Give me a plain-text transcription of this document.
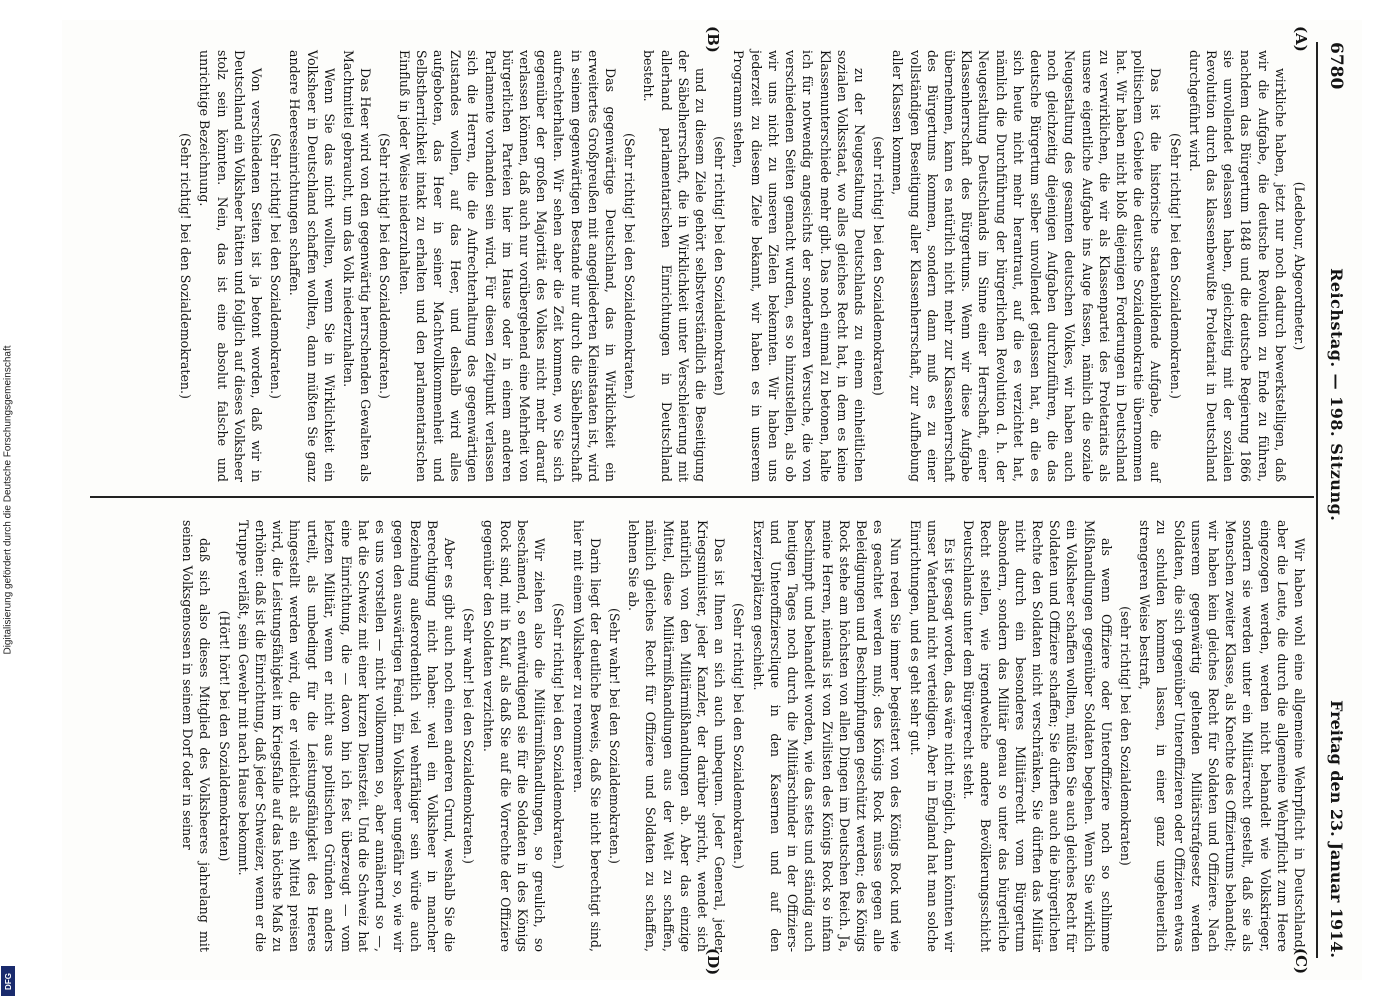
6780
Reichstag. — 198. Sitzung.
Freitag den 23. Januar 1914.
(A)
(B)
(C)
(D)

(Ledebour, Abgeordneter.)

wirkliche haben, jetzt nur noch dadurch bewerkstelligen, daß wir die Aufgabe, die deutsche Revolution zu Ende zu führen, nachdem das Bürgertum 1848 und die deutsche Regierung 1866 sie unvollendet gelassen haben, gleichzeitig mit der sozialen Revolution durch das klassenbewußte Proletariat in Deutschland durchgeführt wird.

(Sehr richtig! bei den Sozialdemokraten.)

Das ist die historische staatenbildende Aufgabe, die auf politischem Gebiete die deutsche Sozialdemokratie übernommen hat. Wir haben nicht bloß diejenigen Forderungen in Deutschland zu verwirklichen, die wir als Klassenpartei des Proletariats als unsere eigentliche Aufgabe ins Auge fassen, nämlich die soziale Neugestaltung des gesamten deutschen Volkes, wir haben auch noch gleichzeitig diejenigen Aufgaben durchzuführen, die das deutsche Bürgertum selber unvollendet gelassen hat, an die es sich heute nicht mehr herantraut, auf die es verzichtet hat, nämlich die Durchführung der bürgerlichen Revolution d. h. der Neugestaltung Deutschlands im Sinne einer Herrschaft, einer Klassenherrschaft des Bürgertums. Wenn wir diese Aufgabe übernehmen, kann es natürlich nicht mehr zur Klassenherrschaft des Bürgertums kommen, sondern dann muß es zu einer vollständigen Beseitigung aller Klassenherrschaft, zur Aufhebung aller Klassen kommen,

(sehr richtig! bei den Sozialdemokraten)

zu der Neugestaltung Deutschlands zu einem einheitlichen sozialen Volksstaat, wo alles gleiches Recht hat, in dem es keine Klassenunterschiede mehr gibt. Das noch einmal zu betonen, halte ich für notwendig angesichts der sonderbaren Versuche, die von verschiedenen Seiten gemacht wurden, es so hinzustellen, als ob wir uns nicht zu unseren Zielen bekennten. Wir haben uns jederzeit zu diesem Ziele bekannt, wir haben es in unserem Programm stehen,

(sehr richtig! bei den Sozialdemokraten)

und zu diesem Ziele gehört selbstverständlich die Beseitigung der Säbelherrschaft, die in Wirklichkeit unter Verschleierung mit allerhand parlamentarischen Einrichtungen in Deutschland besteht.

(Sehr richtig! bei den Sozialdemokraten.)

Das gegenwärtige Deutschland, das in Wirklichkeit ein erweitertes Großpreußen mit angegliederten Kleinstaaten ist, wird in seinem gegenwärtigen Bestande nur durch die Säbelherrschaft aufrechterhalten. Wir sehen aber die Zeit kommen, wo Sie sich gegenüber der großen Majorität des Volkes nicht mehr darauf verlassen können, daß auch nur vorübergehend eine Mehrheit von bürgerlichen Parteien hier im Hause oder in einem anderen Parlamente vorhanden sein wird. Für diesen Zeitpunkt verlassen sich die Herren, die die Aufrechterhaltung des gegenwärtigen Zustandes wollen, auf das Heer, und deshalb wird alles aufgeboten, das Heer in seiner Machtvollkommenheit und Selbstherrlichkeit intakt zu erhalten und den parlamentarischen Einfluß in jeder Weise niederzuhalten.

(Sehr richtig! bei den Sozialdemokraten.)

Das Heer wird von den gegenwärtig herrschenden Gewalten als Machtmittel gebraucht, um das Volk niederzuhalten.

Wenn Sie das nicht wollten, wenn Sie in Wirklichkeit ein Volksheer in Deutschland schaffen wollten, dann müßten Sie ganz andere Heereseinrichtungen schaffen.

(Sehr richtig! bei den Sozialdemokraten.)

Von verschiedenen Seiten ist ja betont worden, daß wir in Deutschland ein Volksheer hätten und folglich auf dieses Volksheer stolz sein könnten. Nein, das ist eine absolut falsche und unrichtige Bezeichnung.

(Sehr richtig! bei den Sozialdemokraten.)

Wir haben wohl eine allgemeine Wehrpflicht in Deutschland; aber die Leute, die durch die allgemeine Wehrpflicht zum Heere eingezogen werden, werden nicht behandelt wie Volkskrieger, sondern sie werden unter ein Militärrecht gestellt, daß sie als Menschen zweiter Klasse, als Knechte des Offiziertums behandelt; wir haben kein gleiches Recht für Soldaten und Offiziere. Nach unserem gegenwärtig geltenden Militärstrafgesetz werden Soldaten, die sich gegenüber Unteroffizieren oder Offizieren etwas zu schulden kommen lassen, in einer ganz ungeheuerlich strengeren Weise bestraft,

(sehr richtig! bei den Sozialdemokraten)

als wenn Offiziere oder Unteroffiziere noch so schlimme Mißhandlungen gegenüber Soldaten begehen. Wenn Sie wirklich ein Volksheer schaffen wollten, müßten Sie auch gleiches Recht für Soldaten und Offiziere schaffen; Sie dürften auch die bürgerlichen Rechte den Soldaten nicht verschränken, Sie dürften das Militär nicht durch ein besonderes Militärrecht vom Bürgertum absondern, sondern das Militär genau so unter das bürgerliche Recht stellen, wie irgendwelche andere Bevölkerungsschicht Deutschlands unter dem Bürgerrecht steht.

Es ist gesagt worden, das wäre nicht möglich, dann könnten wir unser Vaterland nicht verteidigen. Aber in England hat man solche Einrichtungen, und es geht sehr gut.

Nun reden Sie immer begeistert von des Königs Rock und wie es geachtet werden muß; des Königs Rock müsse gegen alle Beleidigungen und Beschimpfungen geschützt werden; des Königs Rock stehe am höchsten von allen Dingen im Deutschen Reich. Ja, meine Herren, niemals ist von Zivilisten des Königs Rock so infam beschimpft und behandelt worden, wie das stets und ständig auch heutigen Tages noch durch die Militärschinder in der Offiziers- und Unteroffiziersclique in den Kasernen und auf den Exerzierplätzen geschieht.

(Sehr richtig! bei den Sozialdemokraten.)

Das ist Ihnen an sich auch unbequem. Jeder General, jeder Kriegsminister, jeder Kanzler, der darüber spricht, wendet sich natürlich von den Militärmißhandlungen ab. Aber das einzige Mittel, diese Militärmißhandlungen aus der Welt zu schaffen, nämlich gleiches Recht für Offiziere und Soldaten zu schaffen, lehnen Sie ab.

(Sehr wahr! bei den Sozialdemokraten.)

Darin liegt der deutliche Beweis, daß Sie nicht berechtigt sind, hier mit einem Volksheer zu renommieren.

(Sehr richtig! bei den Sozialdemokraten.)

Wir ziehen also die Militärmißhandlungen, so greulich, so beschämend, so entwürdigend sie für die Soldaten in des Königs Rock sind, mit in Kauf, als daß Sie auf die Vorrechte der Offiziere gegenüber den Soldaten verzichten.

(Sehr wahr! bei den Sozialdemokraten.)

Aber es gibt auch noch einen anderen Grund, weshalb Sie die Berechtigung nicht haben: weil ein Volksheer in mancher Beziehung außerordentlich viel wehrfähiger sein würde auch gegen den auswärtigen Feind. Ein Volksheer ungefähr so, wie wir es uns vorstellen — nicht vollkommen so, aber annähernd so —, hat die Schweiz mit einer kurzen Dienstzeit. Und die Schweiz hat eine Einrichtung, die — davon bin ich fest überzeugt — vom letzten Militär, wenn er nicht aus politischen Gründen anders urteilt, als unbedingt für die Leistungsfähigkeit des Heeres hingestellt werden wird, die er vielleicht als ein Mittel preisen wird, die Leistungsfähigkeit im Kriegsfalle auf das höchste Maß zu erhöhen: daß ist die Einrichtung, daß jeder Schweizer, wenn er die Truppe verläßt, sein Gewehr mit nach Hause bekommt.

(Hört! hört! bei den Sozialdemokraten)

daß sich also dieses Mitglied des Volksheeres jahrelang mit seinen Volksgenossen in seinem Dorf oder in seiner

Digitalisierung gefördert durch die Deutsche Forschungsgemeinschaft
DFG
